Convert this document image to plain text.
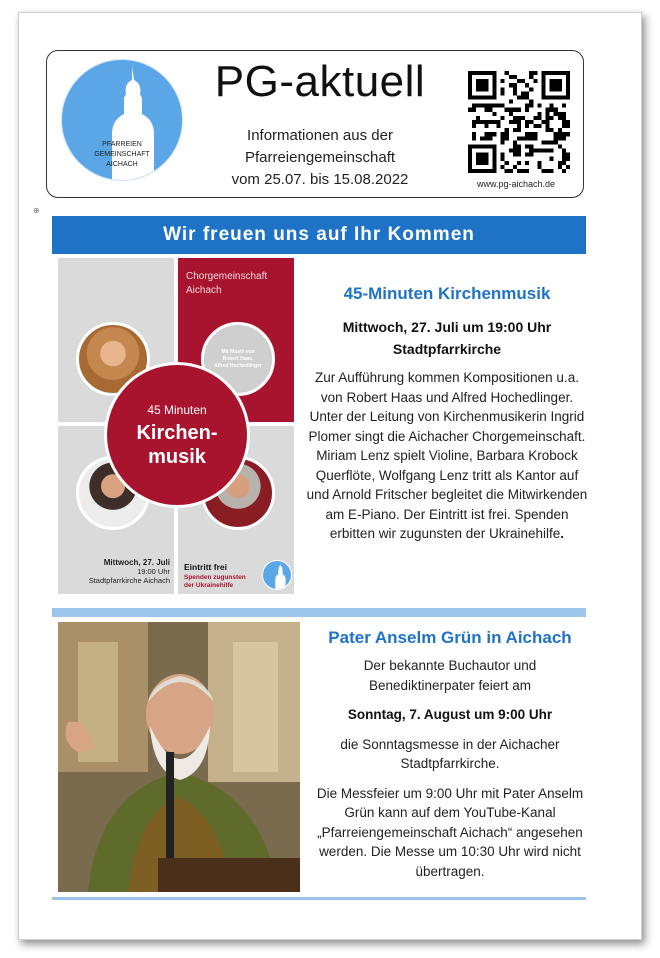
PFARREIEN
GEMEINSCHAFT
AICHACH
PG-aktuell
Informationen aus der
Pfarreiengemeinschaft
vom 25.07. bis 15.08.2022	www.pg-aichach.de
⊕
Wir freuen uns auf Ihr Kommen
Chorgemeinschaft
Aichach
Mit Musik von
Robert Haas,
Alfred Hochedlinger
45 Minuten
Kirchen-
musik
Mittwoch, 27. Juli
19:00 Uhr
Stadtpfarrkirche Aichach
Eintritt frei
Spenden zugunsten
der Ukrainehilfe
45-Minuten Kirchenmusik
Mittwoch, 27. Juli um 19:00 Uhr
Stadtpfarrkirche
Zur Aufführung kommen Kompositionen u.a. von Robert Haas und Alfred Hochedlinger. Unter der Leitung von Kirchenmusikerin Ingrid Plomer singt die Aichacher Chorgemeinschaft. Miriam Lenz spielt Violine, Barbara Krobock Querflöte, Wolfgang Lenz tritt als Kantor auf und Arnold Fritscher begleitet die Mitwirkenden am E-Piano. Der Eintritt ist frei. Spenden erbitten wir zugunsten der Ukrainehilfe.
Pater Anselm Grün in Aichach

Der bekannte Buchautor und Benediktinerpater feiert am

Sonntag, 7. August um 9:00 Uhr

die Sonntagsmesse in der Aichacher Stadtpfarrkirche.

Die Messfeier um 9:00 Uhr mit Pater Anselm Grün kann auf dem YouTube-Kanal „Pfarreiengemeinschaft Aichach“ angesehen werden. Die Messe um 10:30 Uhr wird nicht übertragen.
